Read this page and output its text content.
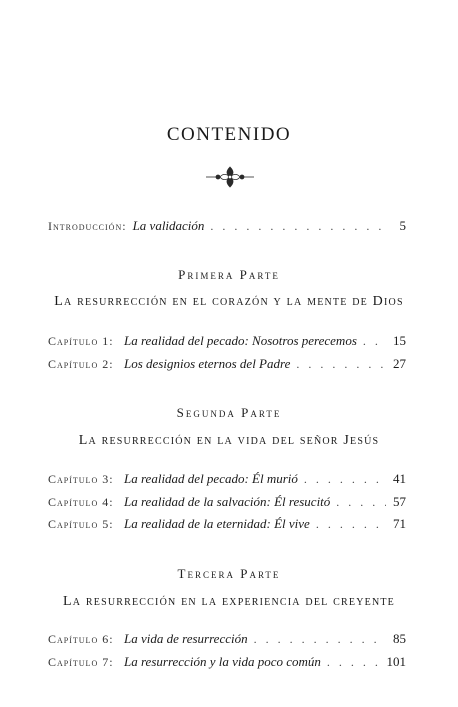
CONTENIDO
Introducción: La validación . . .	5
Primera Parte
La resurrección en el corazón y la mente de Dios
Capítulo 1: La realidad del pecado: Nosotros perecemos . . .	15
Capítulo 2: Los designios eternos del Padre . . .	27
Segunda Parte
La resurrección en la vida del señor Jesús
Capítulo 3: La realidad del pecado: Él murió . . .	41
Capítulo 4: La realidad de la salvación: Él resucitó . . .	57
Capítulo 5: La realidad de la eternidad: Él vive . . .	71
Tercera Parte
La resurrección en la experiencia del creyente
Capítulo 6: La vida de resurrección . . .	85
Capítulo 7: La resurrección y la vida poco común . . .	101
